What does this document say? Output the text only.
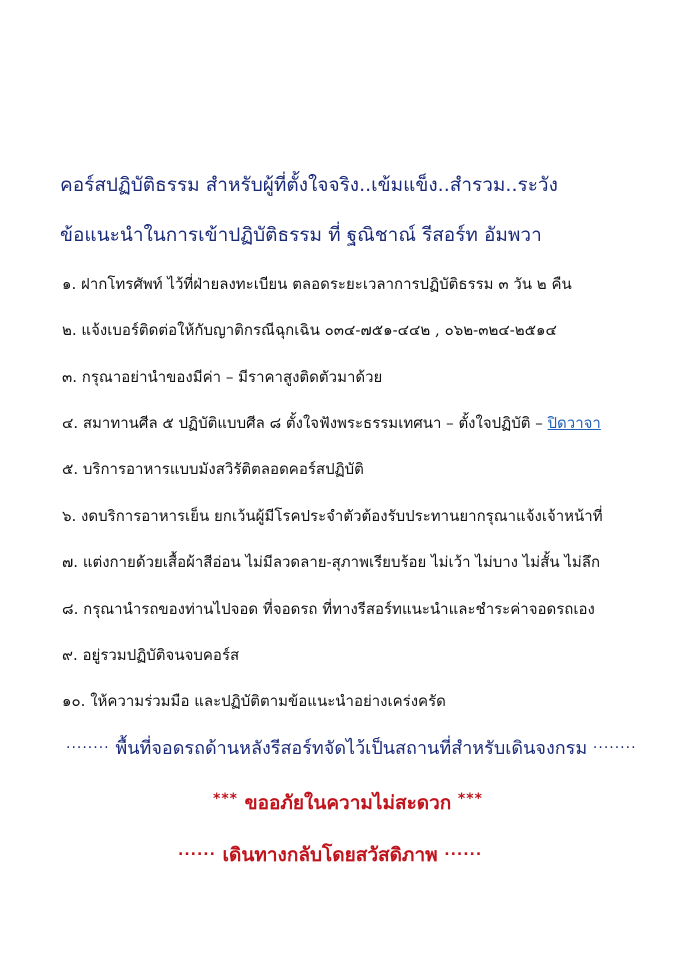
คอร์สปฏิบัติธรรม สำหรับผู้ที่ตั้งใจจริง..เข้มแข็ง..สำรวม..ระวัง
ข้อแนะนำในการเข้าปฏิบัติธรรม ที่ ฐณิชาณ์ รีสอร์ท อัมพวา
๑. ฝากโทรศัพท์ ไว้ที่ฝ่ายลงทะเบียน ตลอดระยะเวลาการปฏิบัติธรรม ๓ วัน ๒ คืน
๒. แจ้งเบอร์ติดต่อให้กับญาติกรณีฉุกเฉิน ๐๓๔-๗๕๑-๔๔๒ , ๐๖๒-๓๒๔-๒๕๑๔
๓. กรุณาอย่านำของมีค่า – มีราคาสูงติดตัวมาด้วย
๔. สมาทานศีล ๕ ปฏิบัติแบบศีล ๘ ตั้งใจฟังพระธรรมเทศนา – ตั้งใจปฏิบัติ – ปิดวาจา
๕. บริการอาหารแบบมังสวิรัติตลอดคอร์สปฏิบัติ
๖. งดบริการอาหารเย็น ยกเว้นผู้มีโรคประจำตัวต้องรับประทานยากรุณาแจ้งเจ้าหน้าที่
๗. แต่งกายด้วยเสื้อผ้าสีอ่อน ไม่มีลวดลาย-สุภาพเรียบร้อย ไม่เว้า ไม่บาง ไม่สั้น ไม่ลึก
๘. กรุณานำรถของท่านไปจอด ที่จอดรถ ที่ทางรีสอร์ทแนะนำและชำระค่าจอดรถเอง
๙. อยู่รวมปฏิบัติจนจบคอร์ส
๑๐. ให้ความร่วมมือ และปฏิบัติตามข้อแนะนำอย่างเคร่งครัด
........ พื้นที่จอดรถด้านหลังรีสอร์ทจัดไว้เป็นสถานที่สำหรับเดินจงกรม ........
*** ขออภัยในความไม่สะดวก ***
...... เดินทางกลับโดยสวัสดิภาพ ......
